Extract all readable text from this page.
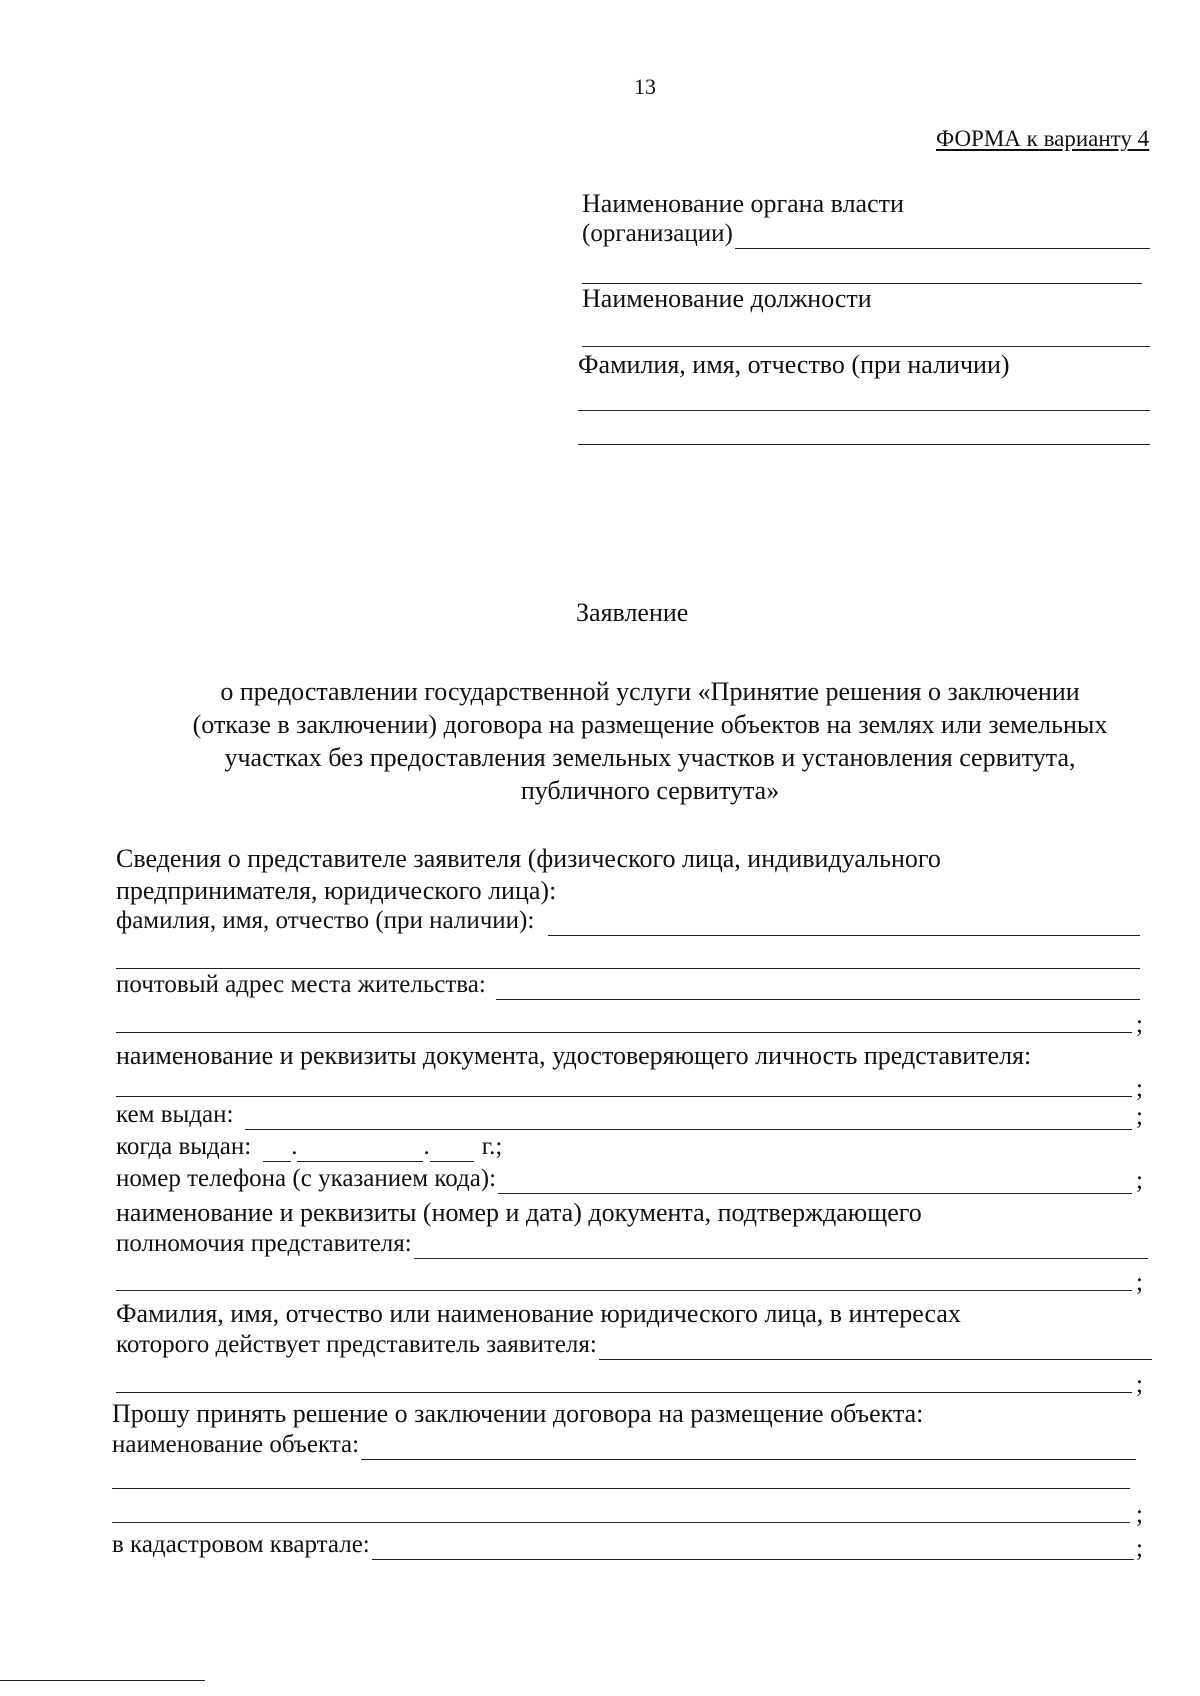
13
ФОРМА к варианту 4
Наименование органа власти
(организации)
Наименование должности
Фамилия, имя, отчество (при наличии)
Заявление
о предоставлении государственной услуги «Принятие решения о заключении
(отказе в заключении) договора на размещение объектов на землях или земельных
участках без предоставления земельных участков и установления сервитута,
публичного сервитута»
Сведения о представителе заявителя (физического лица, индивидуального
предпринимателя, юридического лица):
фамилия, имя, отчество (при наличии):
почтовый адрес места жительства:
;
наименование и реквизиты документа, удостоверяющего личность представителя:
;
кем выдан:	;
когда выдан: .	. г.;
номер телефона (с указанием кода):	;
наименование и реквизиты (номер и дата) документа, подтверждающего
полномочия представителя:
;
Фамилия, имя, отчество или наименование юридического лица, в интересах
которого действует представитель заявителя:
;
Прошу принять решение о заключении договора на размещение объекта:
наименование объекта:
;
в кадастровом квартале:	;
